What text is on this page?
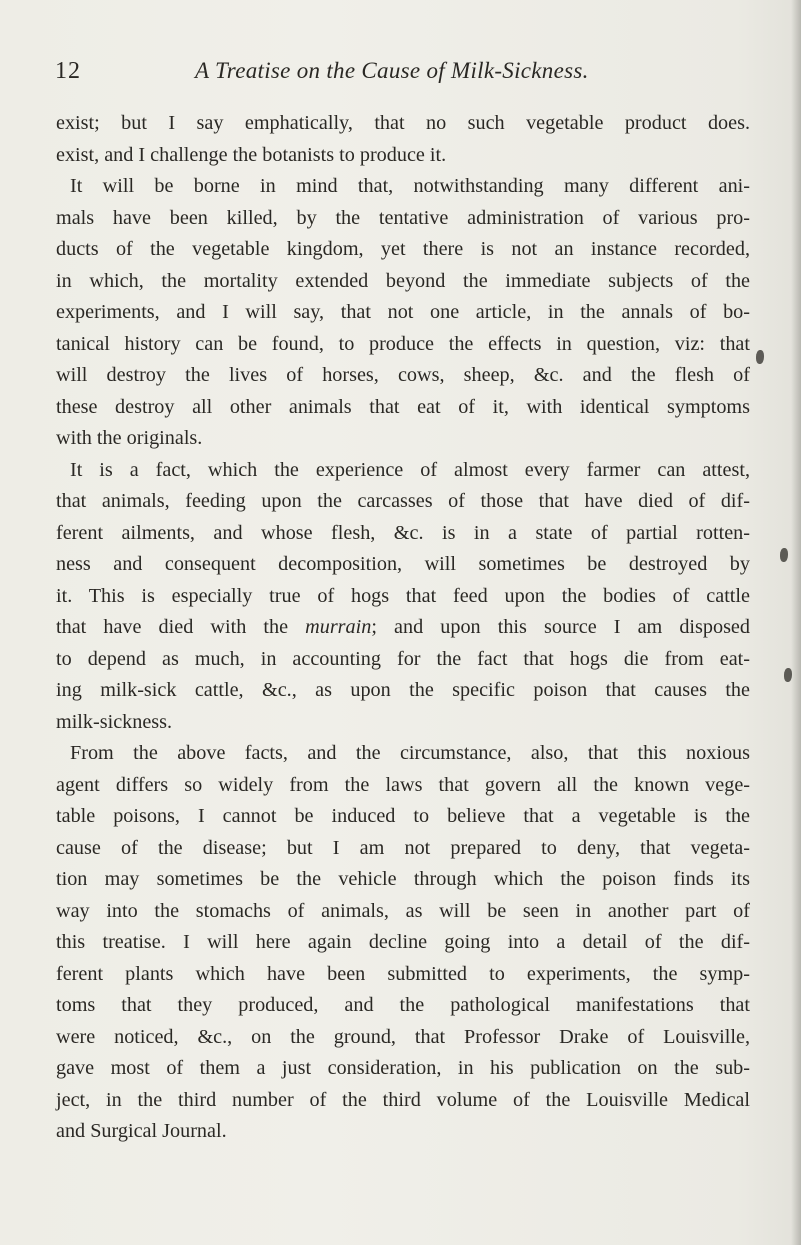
12	A Treatise on the Cause of Milk-Sickness.
exist; but I say emphatically, that no such vegetable product does.
exist, and I challenge the botanists to produce it.
It will be borne in mind that, notwithstanding many different ani-
mals have been killed, by the tentative administration of various pro-
ducts of the vegetable kingdom, yet there is not an instance recorded,
in which, the mortality extended beyond the immediate subjects of the
experiments, and I will say, that not one article, in the annals of bo-
tanical history can be found, to produce the effects in question, viz: that
will destroy the lives of horses, cows, sheep, &c. and the flesh of
these destroy all other animals that eat of it, with identical symptoms
with the originals.
It is a fact, which the experience of almost every farmer can attest,
that animals, feeding upon the carcasses of those that have died of dif-
ferent ailments, and whose flesh, &c. is in a state of partial rotten-
ness and consequent decomposition, will sometimes be destroyed by
it. This is especially true of hogs that feed upon the bodies of cattle
that have died with the murrain; and upon this source I am disposed
to depend as much, in accounting for the fact that hogs die from eat-
ing milk-sick cattle, &c., as upon the specific poison that causes the
milk-sickness.
From the above facts, and the circumstance, also, that this noxious
agent differs so widely from the laws that govern all the known vege-
table poisons, I cannot be induced to believe that a vegetable is the
cause of the disease; but I am not prepared to deny, that vegeta-
tion may sometimes be the vehicle through which the poison finds its
way into the stomachs of animals, as will be seen in another part of
this treatise. I will here again decline going into a detail of the dif-
ferent plants which have been submitted to experiments, the symp-
toms that they produced, and the pathological manifestations that
were noticed, &c., on the ground, that Professor Drake of Louisville,
gave most of them a just consideration, in his publication on the sub-
ject, in the third number of the third volume of the Louisville Medical
and Surgical Journal.
